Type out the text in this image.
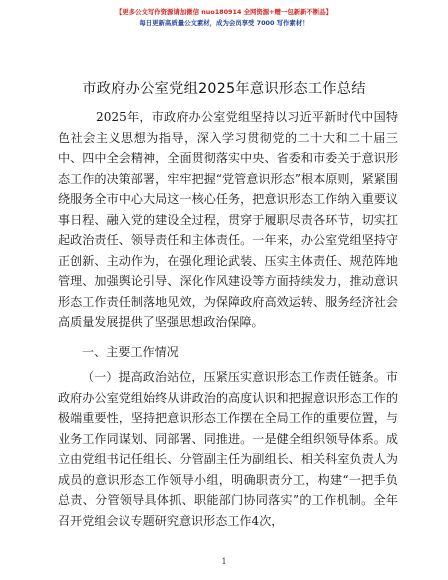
【更多公文写作资源请加微信 nuo180914 全网资源+赠一包新新不断品】
每日更新高质量公文素材，成为会员享受 7000 写作素材！
市政府办公室党组2025年意识形态工作总结

2025年，市政府办公室党组坚持以习近平新时代中国特色社会主义思想为指导，深入学习贯彻党的二十大和二十届三中、四中全会精神，全面贯彻落实中央、省委和市委关于意识形态工作的决策部署，牢牢把握“党管意识形态”根本原则，紧紧围绕服务全市中心大局这一核心任务，把意识形态工作纳入重要议事日程、融入党的建设全过程，贯穿于履职尽责各环节，切实扛起政治责任、领导责任和主体责任。一年来，办公室党组坚持守正创新、主动作为，在强化理论武装、压实主体责任、规范阵地管理、加强舆论引导、深化作风建设等方面持续发力，推动意识形态工作责任制落地见效，为保障政府高效运转、服务经济社会高质量发展提供了坚强思想政治保障。

一、主要工作情况

（一）提高政治站位，压紧压实意识形态工作责任链条。市政府办公室党组始终从讲政治的高度认识和把握意识形态工作的极端重要性，坚持把意识形态工作摆在全局工作的重要位置，与业务工作同谋划、同部署、同推进。一是健全组织领导体系。成立由党组书记任组长、分管副主任为副组长、相关科室负责人为成员的意识形态工作领导小组，明确职责分工，构建“一把手负总责、分管领导具体抓、职能部门协同落实”的工作机制。全年召开党组会议专题研究意识形态工作4次，

1
